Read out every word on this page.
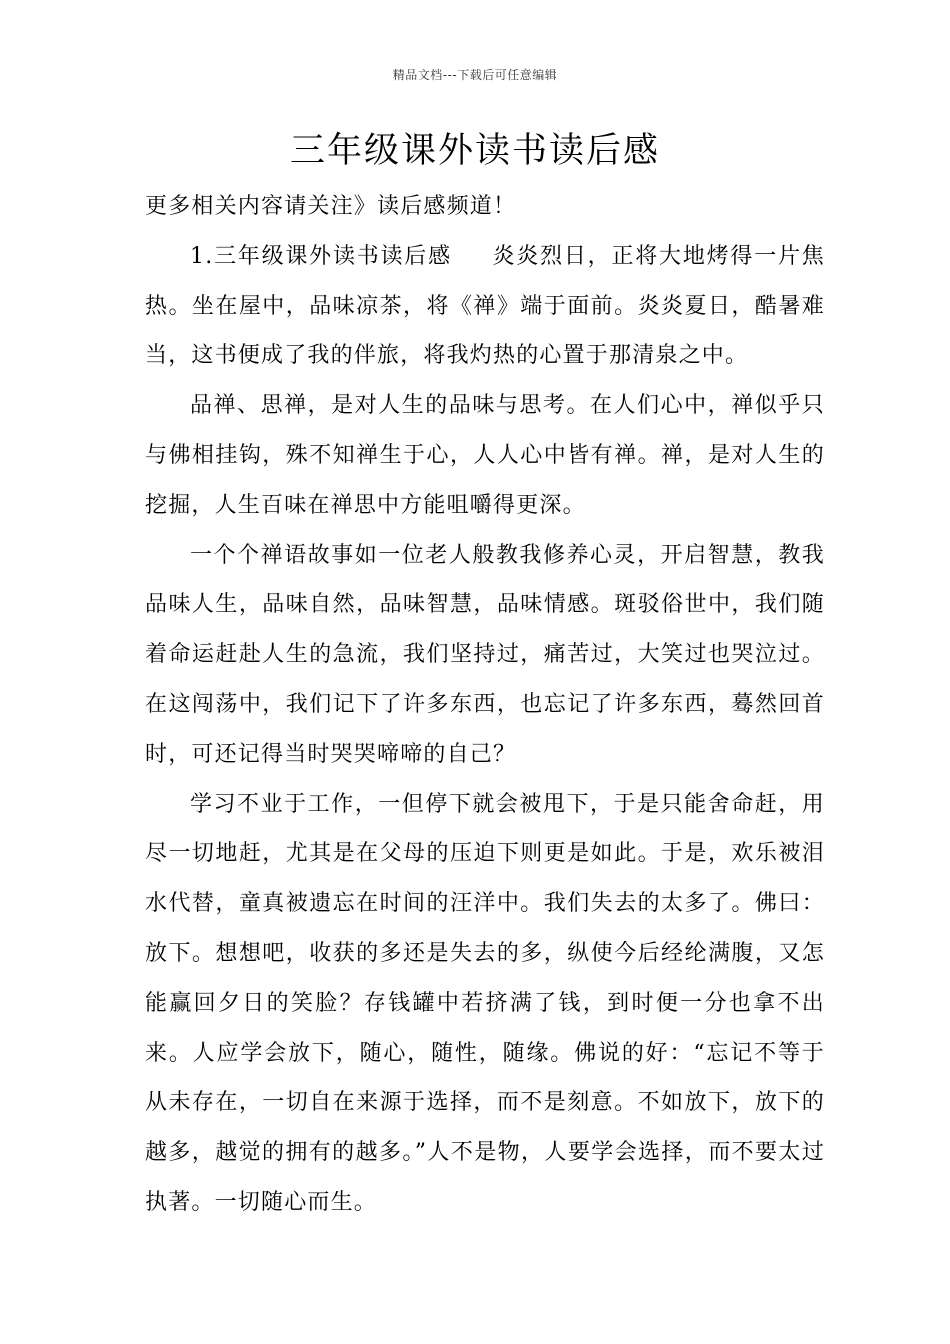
精品文档---下载后可任意编辑
三年级课外读书读后感

更多相关内容请关注》读后感频道！

1.三年级课外读书读后感 炎炎烈日，正将大地烤得一片焦热。坐在屋中，品味凉茶，将《禅》端于面前。炎炎夏日，酷暑难当，这书便成了我的伴旅，将我灼热的心置于那清泉之中。

品禅、思禅，是对人生的品味与思考。在人们心中，禅似乎只与佛相挂钩，殊不知禅生于心，人人心中皆有禅。禅，是对人生的挖掘，人生百味在禅思中方能咀嚼得更深。

一个个禅语故事如一位老人般教我修养心灵，开启智慧，教我品味人生，品味自然，品味智慧，品味情感。斑驳俗世中，我们随着命运赶赴人生的急流，我们坚持过，痛苦过，大笑过也哭泣过。在这闯荡中，我们记下了许多东西，也忘记了许多东西，蓦然回首时，可还记得当时哭哭啼啼的自己？

学习不业于工作，一但停下就会被甩下，于是只能舍命赶，用尽一切地赶，尤其是在父母的压迫下则更是如此。于是，欢乐被泪水代替，童真被遗忘在时间的汪洋中。我们失去的太多了。佛曰：放下。想想吧，收获的多还是失去的多，纵使今后经纶满腹，又怎能赢回夕日的笑脸？存钱罐中若挤满了钱，到时便一分也拿不出来。人应学会放下，随心，随性，随缘。佛说的好：“忘记不等于从未存在，一切自在来源于选择，而不是刻意。不如放下，放下的越多，越觉的拥有的越多。”人不是物，人要学会选择，而不要太过执著。一切随心而生。
